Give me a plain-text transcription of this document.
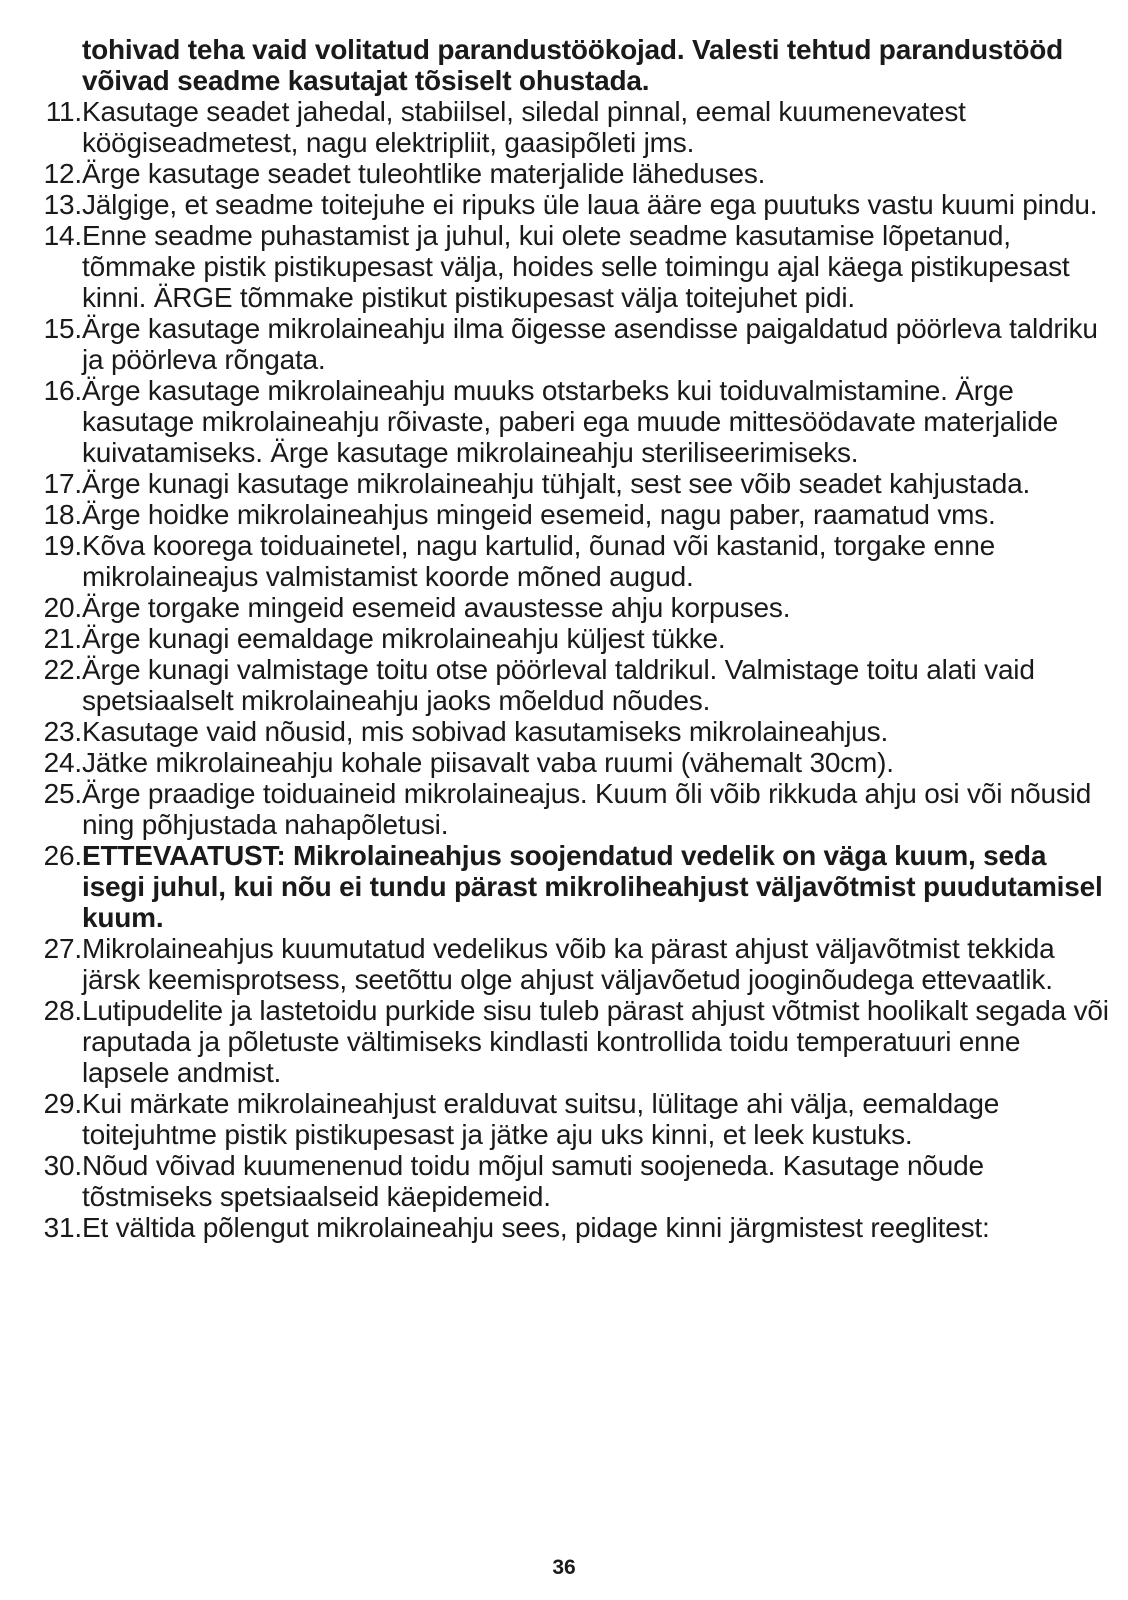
tohivad teha vaid volitatud parandustöökojad. Valesti tehtud parandustööd võivad seadme kasutajat tõsiselt ohustada.
11. Kasutage seadet jahedal, stabiilsel, siledal pinnal, eemal kuumenevatest köögiseadmetest, nagu elektripliit, gaasipõleti jms.
12. Ärge kasutage seadet tuleohtlike materjalide läheduses.
13. Jälgige, et seadme toitejuhe ei ripuks üle laua ääre ega puutuks vastu kuumi pindu.
14. Enne seadme puhastamist ja juhul, kui olete seadme kasutamise lõpetanud, tõmmake pistik pistikupesast välja, hoides selle toimingu ajal käega pistikupesast kinni. ÄRGE tõmmake pistikut pistikupesast välja toitejuhet pidi.
15. Ärge kasutage mikrolaineahju ilma õigesse asendisse paigaldatud pöörleva taldriku ja pöörleva rõngata.
16. Ärge kasutage mikrolaineahju muuks otstarbeks kui toiduvalmistamine. Ärge kasutage mikrolaineahju rõivaste, paberi ega muude mittesöödavate materjalide kuivatamiseks. Ärge kasutage mikrolaineahju steriliseerimiseks.
17. Ärge kunagi kasutage mikrolaineahju tühjalt, sest see võib seadet kahjustada.
18. Ärge hoidke mikrolaineahjus mingeid esemeid, nagu paber, raamatud vms.
19. Kõva koorega toiduainetel, nagu kartulid, õunad või kastanid, torgake enne mikrolaineajus valmistamist koorde mõned augud.
20. Ärge torgake mingeid esemeid avaustesse ahju korpuses.
21. Ärge kunagi eemaldage mikrolaineahju küljest tükke.
22. Ärge kunagi valmistage toitu otse pöörleval taldrikul. Valmistage toitu alati vaid spetsiaalselt mikrolaineahju jaoks mõeldud nõudes.
23. Kasutage vaid nõusid, mis sobivad kasutamiseks mikrolaineahjus.
24. Jätke mikrolaineahju kohale piisavalt vaba ruumi (vähemalt 30cm).
25. Ärge praadige toiduaineid mikrolaineajus. Kuum õli võib rikkuda ahju osi või nõusid ning põhjustada nahapõletusi.
26. ETTEVAATUST: Mikrolaineahjus soojendatud vedelik on väga kuum, seda isegi juhul, kui nõu ei tundu pärast mikroliheahjust väljavõtmist puudutamisel kuum.
27. Mikrolaineahjus kuumutatud vedelikus võib ka pärast ahjust väljavõtmist tekkida järsk keemisprotsess, seetõttu olge ahjust väljavõetud jooginõudega ettevaatlik.
28. Lutipudelite ja lastetoidu purkide sisu tuleb pärast ahjust võtmist hoolikalt segada või raputada ja põletuste vältimiseks kindlasti kontrollida toidu temperatuuri enne lapsele andmist.
29. Kui märkate mikrolaineahjust eralduvat suitsu, lülitage ahi välja, eemaldage toitejuhtme pistik pistikupesast ja jätke aju uks kinni, et leek kustuks.
30. Nõud võivad kuumenenud toidu mõjul samuti soojeneda. Kasutage nõude tõstmiseks spetsiaalseid käepidemeid.
31. Et vältida põlengut mikrolaineahju sees, pidage kinni järgmistest reeglitest:
36
